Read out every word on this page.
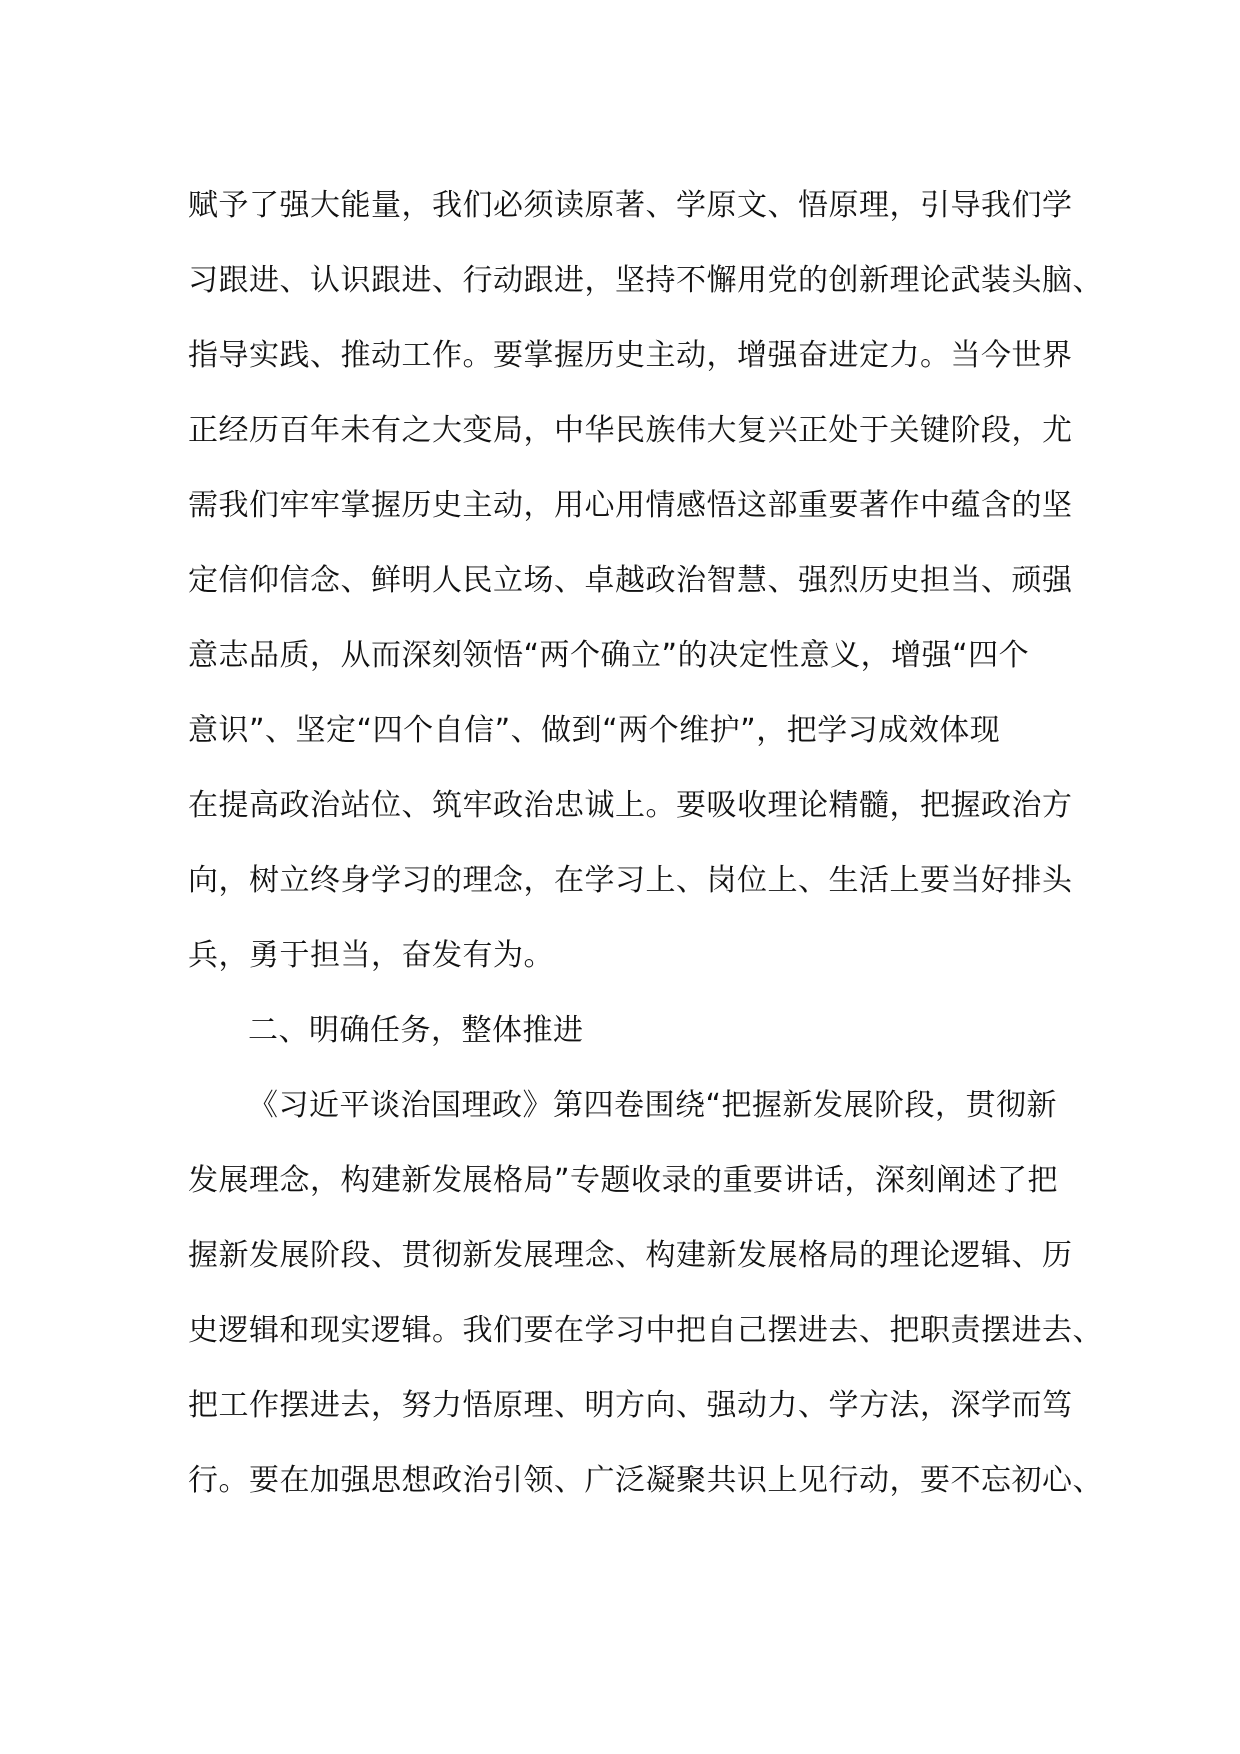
赋予了强大能量，我们必须读原著、学原文、悟原理，引导我们学
习跟进、认识跟进、行动跟进，坚持不懈用党的创新理论武装头脑、
指导实践、推动工作。要掌握历史主动，增强奋进定力。当今世界
正经历百年未有之大变局，中华民族伟大复兴正处于关键阶段，尤
需我们牢牢掌握历史主动，用心用情感悟这部重要著作中蕴含的坚
定信仰信念、鲜明人民立场、卓越政治智慧、强烈历史担当、顽强
意志品质，从而深刻领悟“两个确立”的决定性意义，增强“四个
意识”、坚定“四个自信”、做到“两个维护”，把学习成效体现
在提高政治站位、筑牢政治忠诚上。要吸收理论精髓，把握政治方
向，树立终身学习的理念，在学习上、岗位上、生活上要当好排头
兵，勇于担当，奋发有为。
二、明确任务，整体推进
《习近平谈治国理政》第四卷围绕“把握新发展阶段，贯彻新
发展理念，构建新发展格局”专题收录的重要讲话，深刻阐述了把
握新发展阶段、贯彻新发展理念、构建新发展格局的理论逻辑、历
史逻辑和现实逻辑。我们要在学习中把自己摆进去、把职责摆进去、
把工作摆进去，努力悟原理、明方向、强动力、学方法，深学而笃
行。要在加强思想政治引领、广泛凝聚共识上见行动，要不忘初心、
